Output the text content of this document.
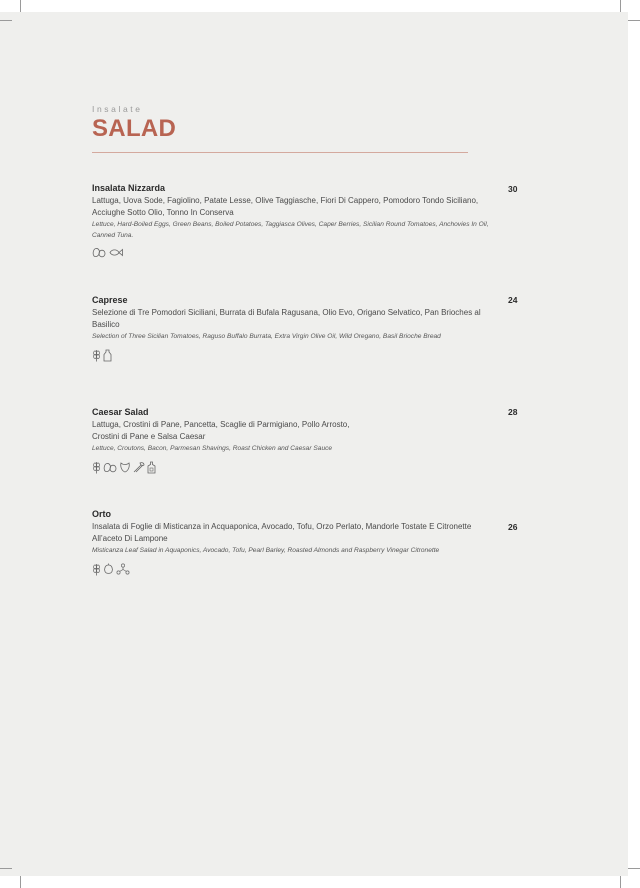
Insalate
SALAD
Insalata Nizzarda
Lattuga, Uova Sode, Fagiolino, Patate Lesse, Olive Taggiasche, Fiori Di Cappero, Pomodoro Tondo Siciliano, Acciughe Sotto Olio, Tonno In Conserva
Lettuce, Hard-Boiled Eggs, Green Beans, Boiled Potatoes, Taggiasca Olives, Caper Berries, Sicilian Round Tomatoes, Anchovies In Oil, Canned Tuna.
30
Caprese
Selezione di Tre Pomodori Siciliani, Burrata di Bufala Ragusana, Olio Evo, Origano Selvatico, Pan Brioches al Basilico
Selection of Three Sicilian Tomatoes, Raguso Buffalo Burrata, Extra Virgin Olive Oil, Wild Oregano, Basil Brioche Bread
24
Caesar Salad
Lattuga, Crostini di Pane, Pancetta, Scaglie di Parmigiano, Pollo Arrosto, Crostini di Pane e Salsa Caesar
Lettuce, Croutons, Bacon, Parmesan Shavings, Roast Chicken and Caesar Sauce
28
Orto
Insalata di Foglie di Misticanza in Acquaponica, Avocado, Tofu, Orzo Perlato, Mandorle Tostate E Citronette All’aceto Di Lampone
Misticanza Leaf Salad in Aquaponics, Avocado, Tofu, Pearl Barley, Roasted Almonds and Raspberry Vinegar Citronette
26
